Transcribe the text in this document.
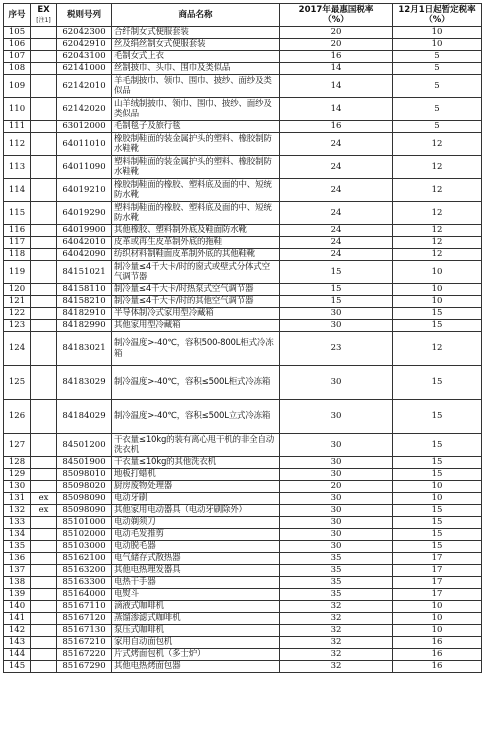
序号	EX
[注1]	税则号列	商品名称	2017年最惠国税率
（%）	12月1日起暂定税率
（%）
105		62042300	合纤制女式便服套装	20	10
106		62042910	丝及绢丝制女式便服套装	20	10
107		62043100	毛制女式上衣	16	5
108		62141000	丝制披巾、头巾、围巾及类似品	14	5
109		62142010	羊毛制披巾、领巾、围巾、披纱、面纱及类似品	14	5
110		62142020	山羊绒制披巾、领巾、围巾、披纱、面纱及类似品	14	5
111		63012000	毛制毯子及旅行毯	16	5
112		64011010	橡胶制鞋面的装金属护头的塑料、橡胶制防水鞋靴	24	12
113		64011090	塑料制鞋面的装金属护头的塑料、橡胶制防水鞋靴	24	12
114		64019210	橡胶制鞋面的橡胶、塑料底及面的中、短统防水靴	24	12
115		64019290	塑料制鞋面的橡胶、塑料底及面的中、短统防水靴	24	12
116		64019900	其他橡胶、塑料制外底及鞋面防水靴	24	12
117		64042010	皮革或再生皮革制外底的拖鞋	24	12
118		64042090	纺织材料制鞋面皮革制外底的其他鞋靴	24	12
119		84151021	制冷量≤4千大卡/时的窗式或壁式分体式空气调节器	15	10
120		84158110	制冷量≤4千大卡/时热泵式空气调节器	15	10
121		84158210	制冷量≤4千大卡/时的其他空气调节器	15	10
122		84182910	半导体制冷式家用型冷藏箱	30	15
123		84182990	其他家用型冷藏箱	30	15
124		84183021	制冷温度>-40℃，容积500-800L柜式冷冻箱	23	12
125		84183029	制冷温度>-40℃，容积≤500L柜式冷冻箱	30	15
126		84184029	制冷温度>-40℃，容积≤500L立式冷冻箱	30	15
127		84501200	干衣量≤10kg的装有离心甩干机的非全自动洗衣机	30	15
128		84501900	干衣量≤10kg的其他洗衣机	30	15
129		85098010	地板打蜡机	30	15
130		85098020	厨房废物处理器	20	10
131	ex	85098090	电动牙刷	30	10
132	ex	85098090	其他家用电动器具（电动牙刷除外）	30	15
133		85101000	电动剃须刀	30	15
134		85102000	电动毛发推剪	30	15
135		85103000	电动脱毛器	30	15
136		85162100	电气储存式散热器	35	17
137		85163200	其他电热理发器具	35	17
138		85163300	电热干手器	35	17
139		85164000	电熨斗	35	17
140		85167110	滴液式咖啡机	32	10
141		85167120	蒸馏渗滤式咖啡机	32	10
142		85167130	泵压式咖啡机	32	10
143		85167210	家用自动面包机	32	16
144		85167220	片式烤面包机（多士炉）	32	16
145		85167290	其他电热烤面包器	32	16
